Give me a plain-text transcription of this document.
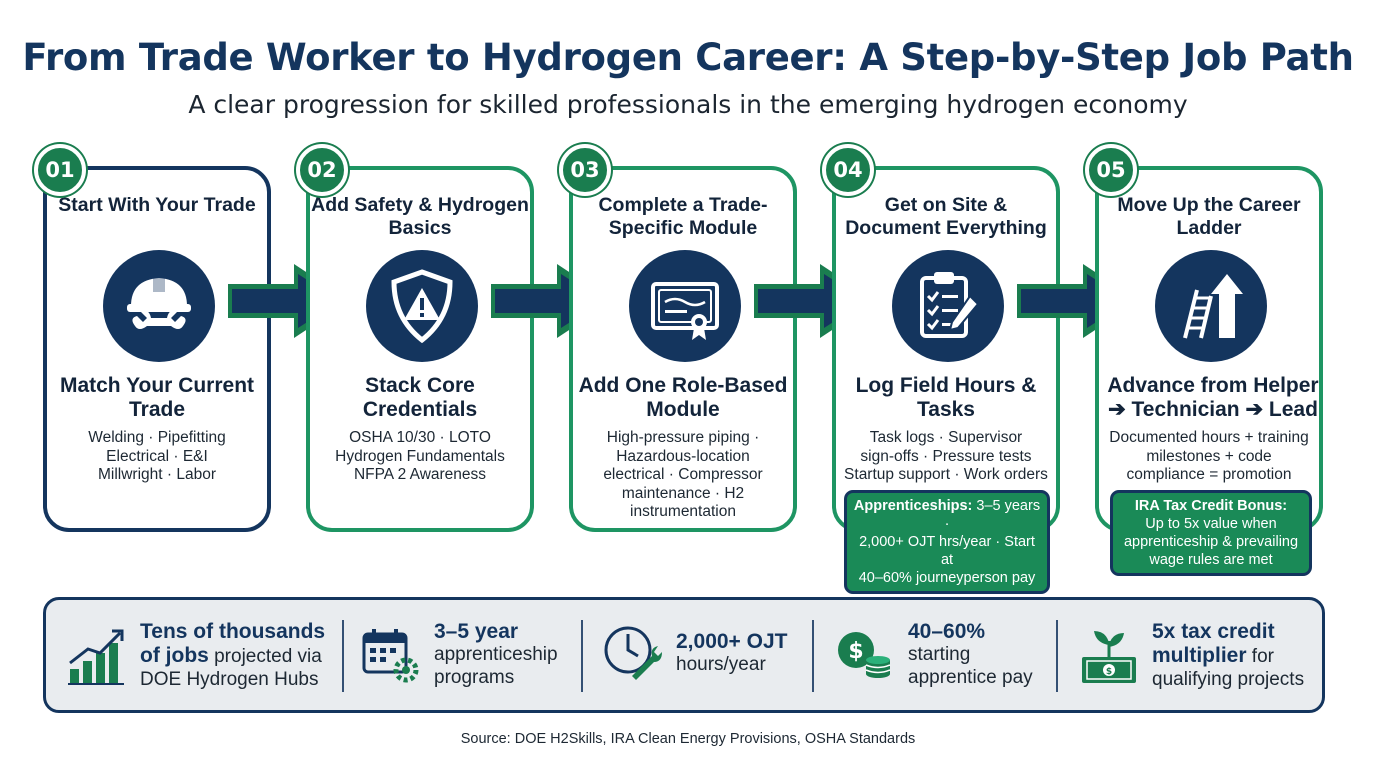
From Trade Worker to Hydrogen Career: A Step-by-Step Job Path
A clear progression for skilled professionals in the emerging hydrogen economy
Start With Your Trade
Match Your Current Trade
Welding · Pipefitting
Electrical · E&I
Millwright · Labor
01
Add Safety & Hydrogen Basics
Stack Core Credentials
OSHA 10/30 · LOTO
Hydrogen Fundamentals
NFPA 2 Awareness
02
Complete a Trade-Specific Module
Add One Role-Based Module
High-pressure piping ·
Hazardous-location
electrical · Compressor
maintenance · H2
instrumentation
03
Get on Site & Document Everything
Log Field Hours & Tasks
Task logs · Supervisor
sign-offs · Pressure tests
Startup support · Work orders
04
Apprenticeships: 3–5 years ·
2,000+ OJT hrs/year · Start at
40–60% journeyperson pay
Move Up the Career Ladder
Advance from Helper ➔ Technician ➔ Lead
Documented hours + training
milestones + code
compliance = promotion
05
IRA Tax Credit Bonus:
Up to 5x value when
apprenticeship & prevailing
wage rules are met
Tens of thousands of jobs projected via DOE Hydrogen Hubs
3–5 year
apprenticeship programs
2,000+ OJT
hours/year
$
40–60%
starting apprentice pay	$
5x tax credit multiplier for qualifying projects
Source: DOE H2Skills, IRA Clean Energy Provisions, OSHA Standards
